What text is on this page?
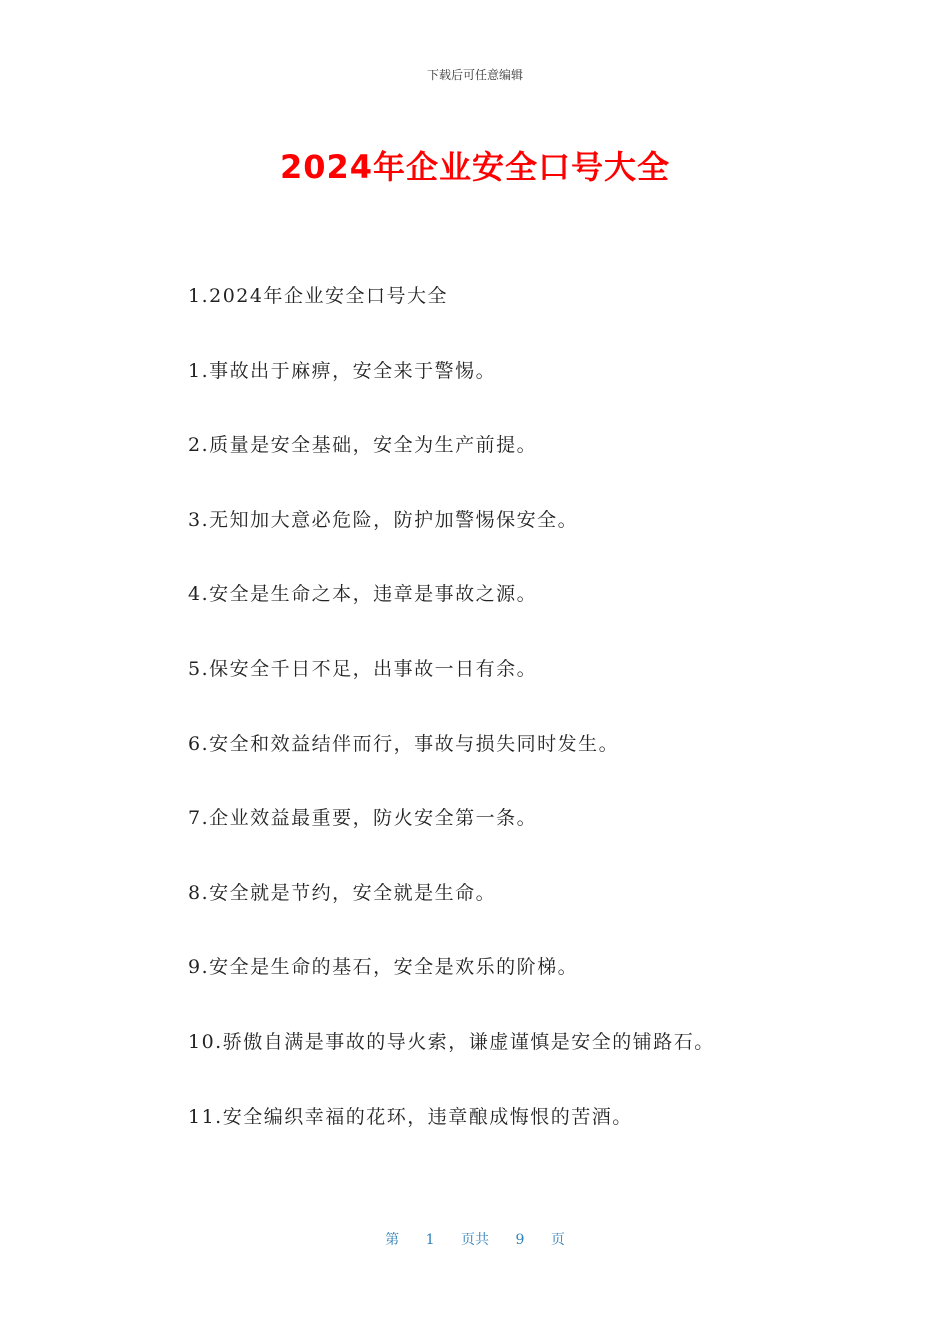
下载后可任意编辑
2024年企业安全口号大全
1.2024年企业安全口号大全
1.事故出于麻痹，安全来于警惕。
2.质量是安全基础，安全为生产前提。
3.无知加大意必危险，防护加警惕保安全。
4.安全是生命之本，违章是事故之源。
5.保安全千日不足，出事故一日有余。
6.安全和效益结伴而行，事故与损失同时发生。
7.企业效益最重要，防火安全第一条。
8.安全就是节约，安全就是生命。
9.安全是生命的基石，安全是欢乐的阶梯。
10.骄傲自满是事故的导火索，谦虚谨慎是安全的铺路石。
11.安全编织幸福的花环，违章酿成悔恨的苦酒。
第 1 页共 9 页
